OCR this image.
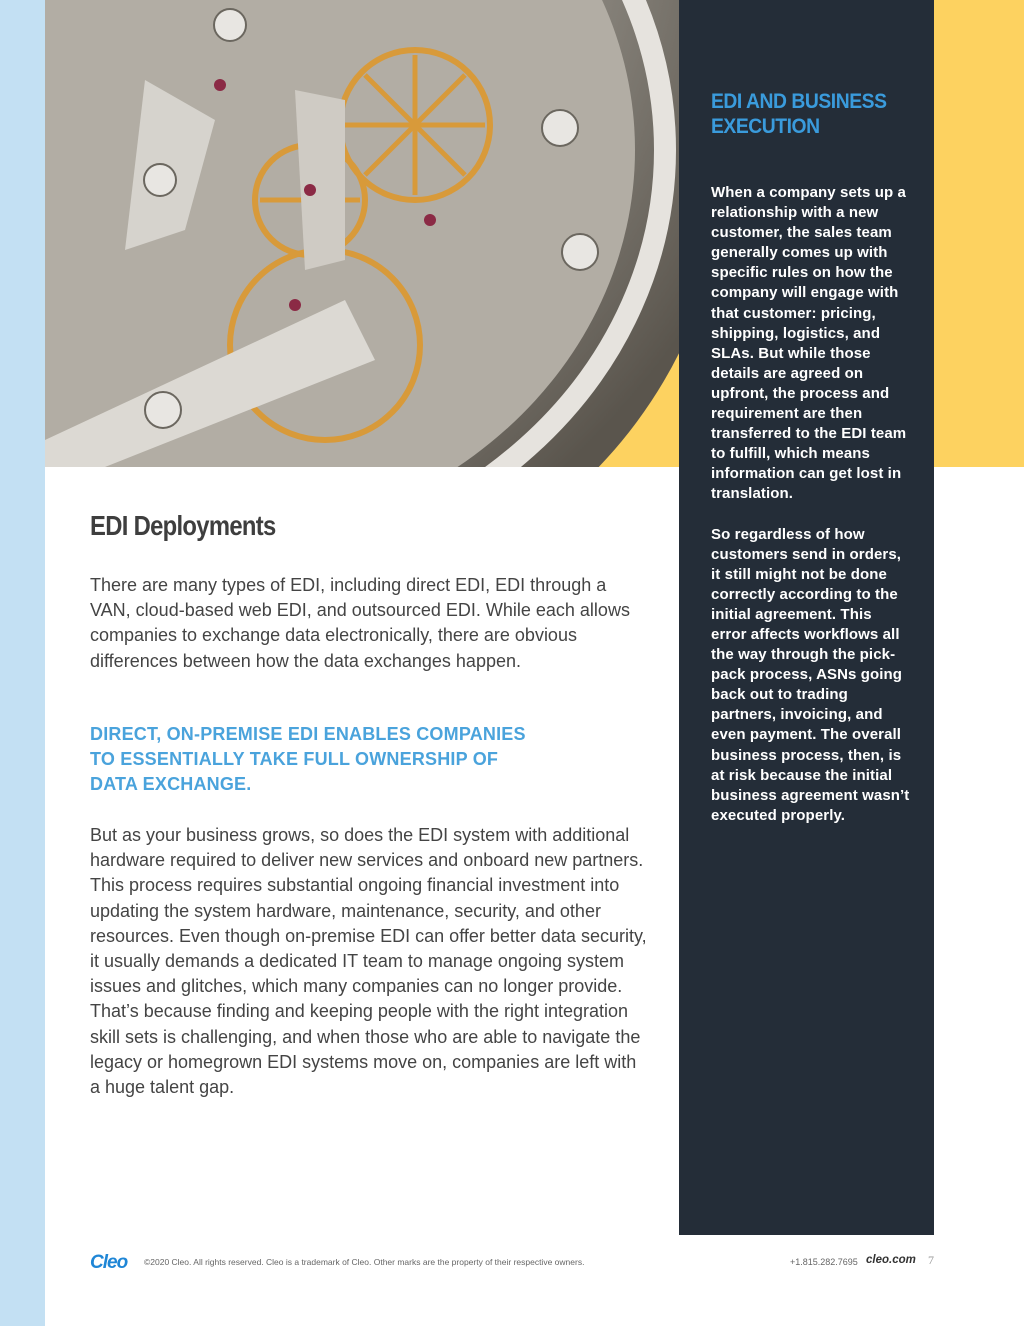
EDI AND BUSINESS EXECUTION

When a company sets up a relationship with a new customer, the sales team generally comes up with specific rules on how the company will engage with that customer: pricing, shipping, logistics, and SLAs. But while those details are agreed on upfront, the process and requirement are then transferred to the EDI team to fulfill, which means information can get lost in translation.

So regardless of how customers send in orders, it still might not be done correctly according to the initial agreement. This error affects workflows all the way through the pick-pack process, ASNs going back out to trading partners, invoicing, and even payment. The overall business process, then, is at risk because the initial business agreement wasn’t executed properly.

EDI Deployments

There are many types of EDI, including direct EDI, EDI through a VAN, cloud-based web EDI, and outsourced EDI. While each allows companies to exchange data electronically, there are obvious differences between how the data exchanges happen.

DIRECT, ON-PREMISE EDI ENABLES COMPANIES TO ESSENTIALLY TAKE FULL OWNERSHIP OF DATA EXCHANGE.

But as your business grows, so does the EDI system with additional hardware required to deliver new services and onboard new partners. This process requires substantial ongoing financial investment into updating the system hardware, maintenance, security, and other resources. Even though on-premise EDI can offer better data security, it usually demands a dedicated IT team to manage ongoing system issues and glitches, which many companies can no longer provide. That’s because finding and keeping people with the right integration skill sets is challenging, and when those who are able to navigate the legacy or homegrown EDI systems move on, companies are left with a huge talent gap.

Cleo ©2020 Cleo. All rights reserved. Cleo is a trademark of Cleo. Other marks are the property of their respective owners.	+1.815.282.7695 cleo.com 7
